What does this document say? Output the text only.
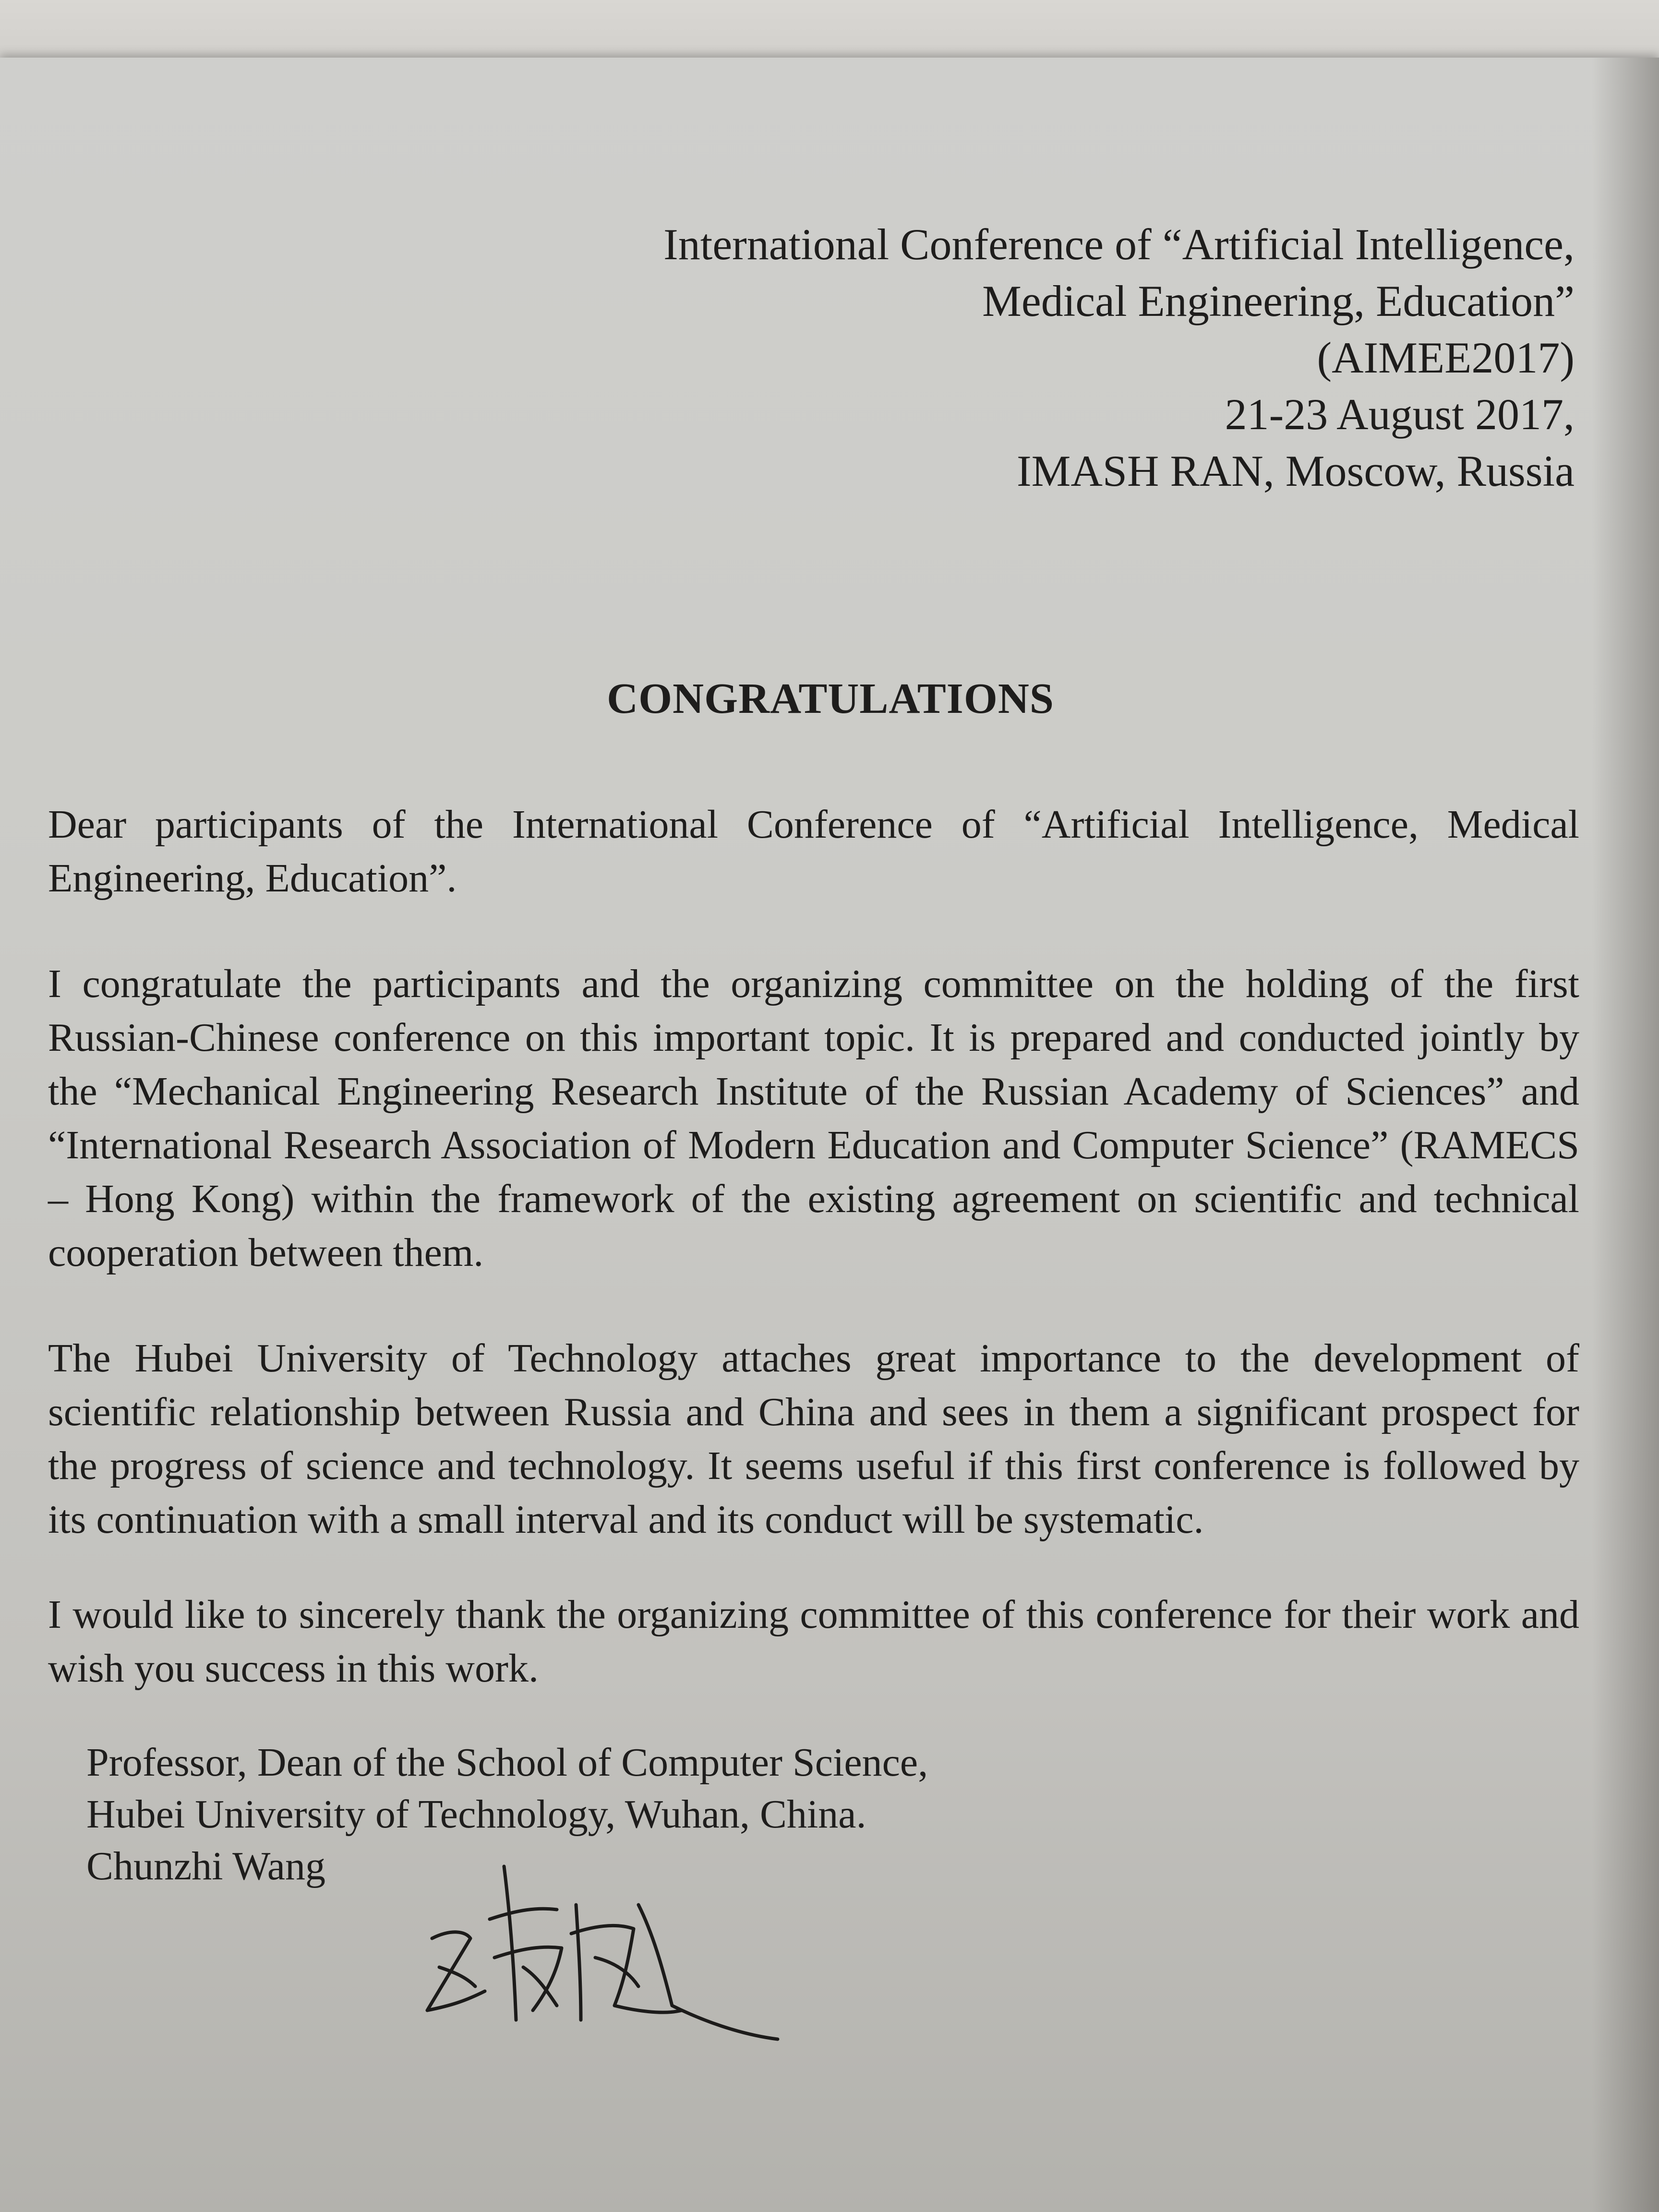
International Conference of “Artificial Intelligence,
Medical Engineering, Education”
(AIMEE2017)
21-23 August 2017,
IMASH RAN, Moscow, Russia
CONGRATULATIONS

Dear participants of the International Conference of “Artificial Intelligence, Medical Engineering, Education”.

I congratulate the participants and the organizing committee on the holding of the first Russian-Chinese conference on this important topic. It is prepared and conducted jointly by the “Mechanical Engineering Research Institute of the Russian Academy of Sciences” and “International Research Association of Modern Education and Computer Science” (RAMECS – Hong Kong) within the framework of the existing agreement on scientific and technical cooperation between them.

The Hubei University of Technology attaches great importance to the development of scientific relationship between Russia and China and sees in them a significant prospect for the progress of science and technology. It seems useful if this first conference is followed by its continuation with a small interval and its conduct will be systematic.

I would like to sincerely thank the organizing committee of this conference for their work and wish you success in this work.

Professor, Dean of the School of Computer Science,
Hubei University of Technology, Wuhan, China.
Chunzhi Wang
